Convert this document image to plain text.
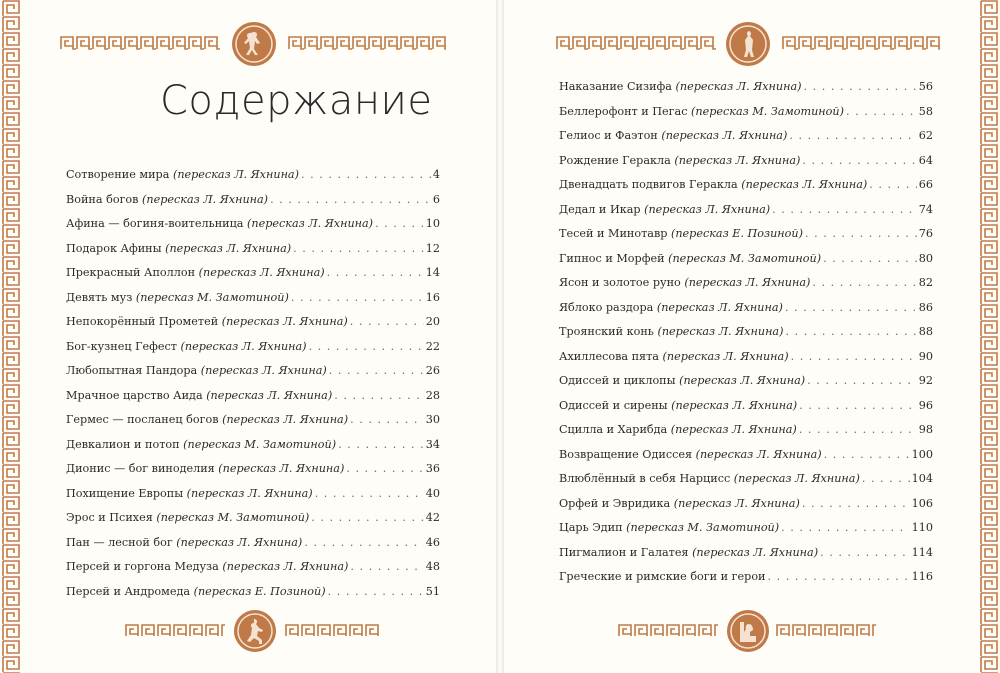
Содержание
Сотворение мира (пересказ Л. Яхнина) . . .	4
Война богов (пересказ Л. Яхнина) . . .	6
Афина — богиня-воительница (пересказ Л. Яхнина) . . .	10
Подарок Афины (пересказ Л. Яхнина) . . .	12
Прекрасный Аполлон (пересказ Л. Яхнина) . . .	14
Девять муз (пересказ М. Замотиной) . . .	16
Непокорённый Прометей (пересказ Л. Яхнина) . . .	20
Бог-кузнец Гефест (пересказ Л. Яхнина) . . .	22
Любопытная Пандора (пересказ Л. Яхнина) . . .	26
Мрачное царство Аида (пересказ Л. Яхнина) . . .	28
Гермес — посланец богов (пересказ Л. Яхнина) . . .	30
Девкалион и потоп (пересказ М. Замотиной) . . .	34
Дионис — бог виноделия (пересказ Л. Яхнина) . . .	36
Похищение Европы (пересказ Л. Яхнина) . . .	40
Эрос и Психея (пересказ М. Замотиной) . . .	42
Пан — лесной бог (пересказ Л. Яхнина) . . .	46
Персей и горгона Медуза (пересказ Л. Яхнина) . . .	48
Персей и Андромеда (пересказ Е. Позиной) . . .	51
Наказание Сизифа (пересказ Л. Яхнина) . . .	56
Беллерофонт и Пегас (пересказ М. Замотиной) . . .	58
Гелиос и Фаэтон (пересказ Л. Яхнина) . . .	62
Рождение Геракла (пересказ Л. Яхнина) . . .	64
Двенадцать подвигов Геракла (пересказ Л. Яхнина) . . .	66
Дедал и Икар (пересказ Л. Яхнина) . . .	74
Тесей и Минотавр (пересказ Е. Позиной) . . .	76
Гипнос и Морфей (пересказ М. Замотиной) . . .	80
Ясон и золотое руно (пересказ Л. Яхнина) . . .	82
Яблоко раздора (пересказ Л. Яхнина) . . .	86
Троянский конь (пересказ Л. Яхнина) . . .	88
Ахиллесова пята (пересказ Л. Яхнина) . . .	90
Одиссей и циклопы (пересказ Л. Яхнина) . . .	92
Одиссей и сирены (пересказ Л. Яхнина) . . .	96
Сцилла и Харибда (пересказ Л. Яхнина) . . .	98
Возвращение Одиссея (пересказ Л. Яхнина) . . .	100
Влюблённый в себя Нарцисс (пересказ Л. Яхнина) . . .	104
Орфей и Эвридика (пересказ Л. Яхнина) . . .	106
Царь Эдип (пересказ М. Замотиной) . . .	110
Пигмалион и Галатея (пересказ Л. Яхнина) . . .	114
Греческие и римские боги и герои . . .	116
